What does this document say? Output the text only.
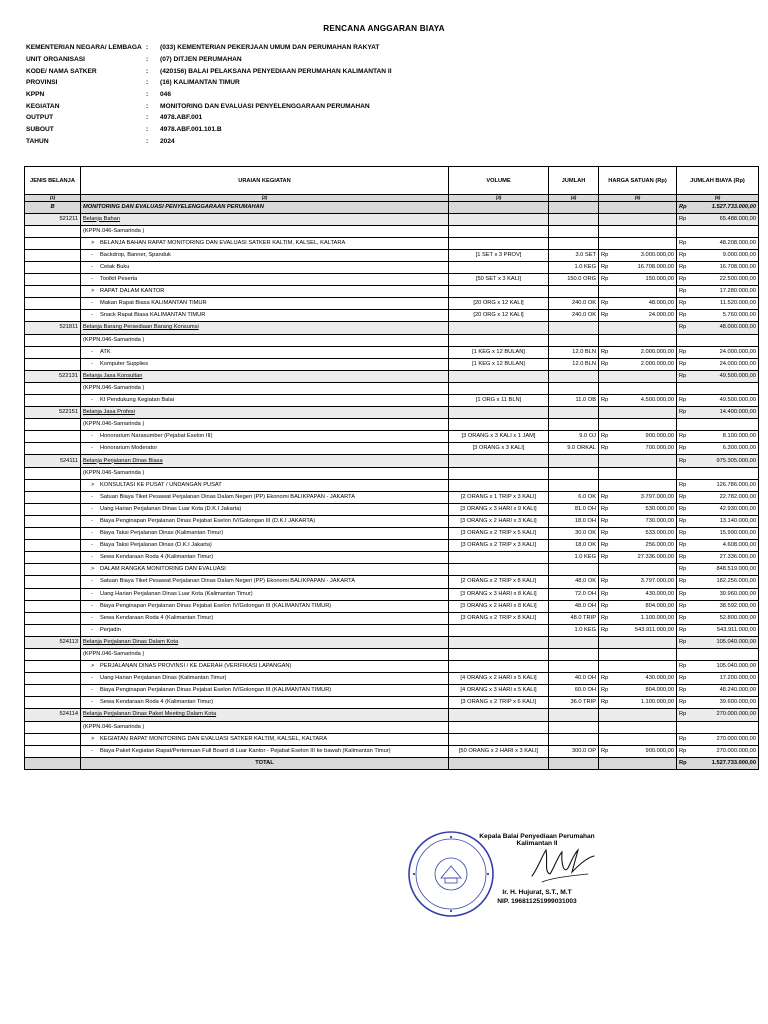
RENCANA ANGGARAN BIAYA
KEMENTERIAN NEGARA/ LEMBAGA :	(033) KEMENTERIAN PEKERJAAN UMUM DAN PERUMAHAN RAKYAT
UNIT ORGANISASI	:	(07) DITJEN PERUMAHAN
KODE/ NAMA SATKER	:	(420156) BALAI PELAKSANA PENYEDIAAN PERUMAHAN KALIMANTAN II
PROVINSI	:	(16) KALIMANTAN TIMUR
KPPN	:	046
KEGIATAN	:	MONITORING DAN EVALUASI PENYELENGGARAAN PERUMAHAN
OUTPUT	:	4978.ABF.001
SUBOUT	:	4978.ABF.001.101.B
TAHUN	:	2024
JENIS BELANJA	URAIAN KEGIATAN	VOLUME	JUMLAH	HARGA SATUAN (Rp)	JUMLAH BIAYA (Rp)
(1)	(2)	(3)	(4)	(5)	(6)
B	MONITORING DAN EVALUASI PENYELENGGARAAN PERUMAHAN				Rp 1.527.733.000,00

521211	Belanja Bahan				Rp 65.488.000,00

	(KPPN.046-Samarinda )				
	> BELANJA BAHAN RAPAT MONITORING DAN EVALUASI SATKER KALTIM, KALSEL, KALTARA				Rp 48.208.000,00

	- Backdrop, Banner, Spanduk	[1 SET x 3 PROV]	3.0 SET	Rp 3.000.000,00	Rp 9.000.000,00

	- Cetak Buku		1.0 KEG	Rp 16.708.000,00	Rp 16.708.000,00

	- Toolkit Peserta	[50 SET x 3 KALI]	150.0 ORG	Rp 150.000,00	Rp 22.500.000,00

	> RAPAT DALAM KANTOR				Rp 17.280.000,00

	- Makan Rapat Biasa KALIMANTAN TIMUR	[20 ORG x 12 KALI]	240.0 OK	Rp 48.000,00	Rp 11.520.000,00

	- Snack Rapat Biasa KALIMANTAN TIMUR	[20 ORG x 12 KALI]	240.0 OK	Rp 24.000,00	Rp 5.760.000,00

521811	Belanja Barang Persediaan Barang Konsumsi				Rp 48.000.000,00

	(KPPN.046-Samarinda )				
	- ATK	[1 KEG x 12 BULAN]	12.0 BLN	Rp 2.000.000,00	Rp 24.000.000,00

	- Komputer Supplies	[1 KEG x 12 BULAN]	12.0 BLN	Rp 2.000.000,00	Rp 24.000.000,00

522131	Belanja Jasa Konsultan				Rp 49.500.000,00

	(KPPN.046-Samarinda )				
	- KI Pendukung Kegiatan Balai	[1 ORG x 11 BLN]	11.0 OB	Rp 4.500.000,00	Rp 49.500.000,00

522151	Belanja Jasa Profesi				Rp 14.400.000,00

	(KPPN.046-Samarinda )				
	- Honorarium Narasumber (Pejabat Eselon III)	[3 ORANG x 3 KALI x 1 JAM]	9.0 OJ	Rp 900.000,00	Rp 8.100.000,00

	- Honorarium Moderator	[3 ORANG x 3 KALI]	9.0 ORKAL	Rp 700.000,00	Rp 6.300.000,00

524111	Belanja Perjalanan Dinas Biasa				Rp 975.305.000,00

	(KPPN.046-Samarinda )				
	> KONSULTASI KE PUSAT / UNDANGAN PUSAT				Rp 126.786.000,00

	- Satuan Biaya Tiket Pesawat Perjalanan Dinas Dalam Negeri (PP) Ekonomi BALIKPAPAN - JAKARTA	[2 ORANG x 1 TRIP x 3 KALI]	6.0 OK	Rp 3.797.000,00	Rp 22.782.000,00

	- Uang Harian Perjalanan Dinas Luar Kota (D.K.I Jakarta)	[3 ORANG x 3 HARI x 9 KALI]	81.0 OH	Rp 530.000,00	Rp 42.930.000,00

	- Biaya Penginapan Perjalanan Dinas Pejabat Eselon IV/Golongan III (D.K.I JAKARTA)	[3 ORANG x 2 HARI x 3 KALI]	18.0 OH	Rp 730.000,00	Rp 13.140.000,00

	- Biaya Taksi Perjalanan Dinas (Kalimantan Timur)	[3 ORANG x 2 TRIP x 5 KALI]	30.0 OK	Rp 533.000,00	Rp 15.990.000,00

	- Biaya Taksi Perjalanan Dinas (D.K.I Jakarta)	[3 ORANG x 2 TRIP x 3 KALI]	18.0 OK	Rp 256.000,00	Rp 4.608.000,00

	- Sewa Kendaraan Roda 4 (Kalimantan Timur)		1.0 KEG	Rp 27.336.000,00	Rp 27.336.000,00

	> DALAM RANGKA MONITORING DAN EVALUASI				Rp 848.519.000,00

	- Satuan Biaya Tiket Pesawat Perjalanan Dinas Dalam Negeri (PP) Ekonomi BALIKPAPAN - JAKARTA	[2 ORANG x 2 TRIP x 8 KALI]	48.0 OK	Rp 3.797.000,00	Rp 182.256.000,00

	- Uang Harian Perjalanan Dinas Luar Kota (Kalimantan Timur)	[3 ORANG x 3 HARI x 8 KALI]	72.0 OH	Rp 430.000,00	Rp 30.960.000,00

	- Biaya Penginapan Perjalanan Dinas Pejabat Eselon IV/Golongan III (KALIMANTAN TIMUR)	[3 ORANG x 2 HARI x 8 KALI]	48.0 OH	Rp 804.000,00	Rp 38.592.000,00

	- Sewa Kendaraan Roda 4 (Kalimantan Timur)	[3 ORANG x 2 TRIP x 8 KALI]	48.0 TRIP	Rp 1.100.000,00	Rp 52.800.000,00

	- Perjadin		1.0 KEG	Rp 543.911.000,00	Rp 543.911.000,00

524113	Belanja Perjalanan Dinas Dalam Kota				Rp 105.040.000,00

	(KPPN.046-Samarinda )				
	> PERJALANAN DINAS PROVINSI / KE DAERAH (VERIFIKASI LAPANGAN)				Rp 105.040.000,00

	- Uang Harian Perjalanan Dinas (Kalimantan Timur)	[4 ORANG x 2 HARI x 5 KALI]	40.0 OH	Rp 430.000,00	Rp 17.200.000,00

	- Biaya Penginapan Perjalanan Dinas Pejabat Eselon IV/Golongan III (KALIMANTAN TIMUR)	[4 ORANG x 3 HARI x 5 KALI]	60.0 OH	Rp 804.000,00	Rp 48.240.000,00

	- Sewa Kendaraan Roda 4 (Kalimantan Timur)	[3 ORANG x 2 TRIP x 6 KALI]	36.0 TRIP	Rp 1.100.000,00	Rp 39.600.000,00

524114	Belanja Perjalanan Dinas Paket Meeting Dalam Kota				Rp 270.000.000,00

	(KPPN.046-Samarinda )				
	> KEGIATAN RAPAT MONITORING DAN EVALUASI SATKER KALTIM, KALSEL, KALTARA				Rp 270.000.000,00

	- Biaya Paket Kegiatan Rapat/Pertemuan Full Board di Luar Kantor - Pejabat Eselon III ke bawah (Kalimantan Timur)	[50 ORANG x 2 HARI x 3 KALI]	300.0 OP	Rp 900.000,00	Rp 270.000.000,00

	TOTAL				Rp 1.527.733.000,00
Kepala Balai Penyediaan Perumahan
Kalimantan II
Ir. H. Hujurat, S.T., M.T
NIP. 196811251999031003
